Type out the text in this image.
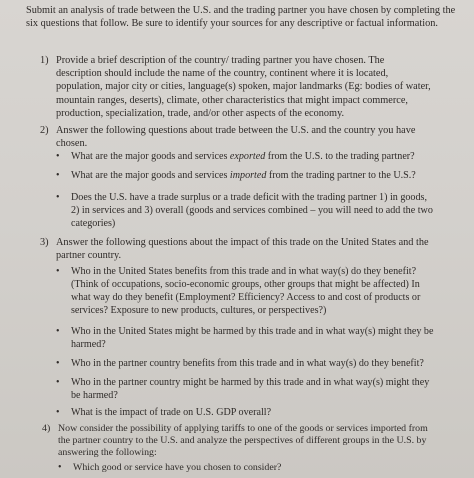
Submit an analysis of trade between the U.S. and the trading partner you have chosen by completing the six questions that follow. Be sure to identify your sources for any descriptive or factual information.
1) Provide a brief description of the country/ trading partner you have chosen. The description should include the name of the country, continent where it is located, population, major city or cities, language(s) spoken, major landmarks (Eg: bodies of water, mountain ranges, deserts), climate, other characteristics that might impact commerce, production, specialization, trade, and/or other aspects of the economy.
2) Answer the following questions about trade between the U.S. and the country you have chosen.
• What are the major goods and services exported from the U.S. to the trading partner?
• What are the major goods and services imported from the trading partner to the U.S.?
• Does the U.S. have a trade surplus or a trade deficit with the trading partner 1) in goods, 2) in services and 3) overall (goods and services combined – you will need to add the two categories)
3) Answer the following questions about the impact of this trade on the United States and the partner country.
• Who in the United States benefits from this trade and in what way(s) do they benefit? (Think of occupations, socio-economic groups, other groups that might be affected) In what way do they benefit (Employment? Efficiency? Access to and cost of products or services? Exposure to new products, cultures, or perspectives?)
• Who in the United States might be harmed by this trade and in what way(s) might they be harmed?
• Who in the partner country benefits from this trade and in what way(s) do they benefit?
• Who in the partner country might be harmed by this trade and in what way(s) might they be harmed?
• What is the impact of trade on U.S. GDP overall?
4) Now consider the possibility of applying tariffs to one of the goods or services imported from the partner country to the U.S. and analyze the perspectives of different groups in the U.S. by answering the following:
• Which good or service have you chosen to consider?
